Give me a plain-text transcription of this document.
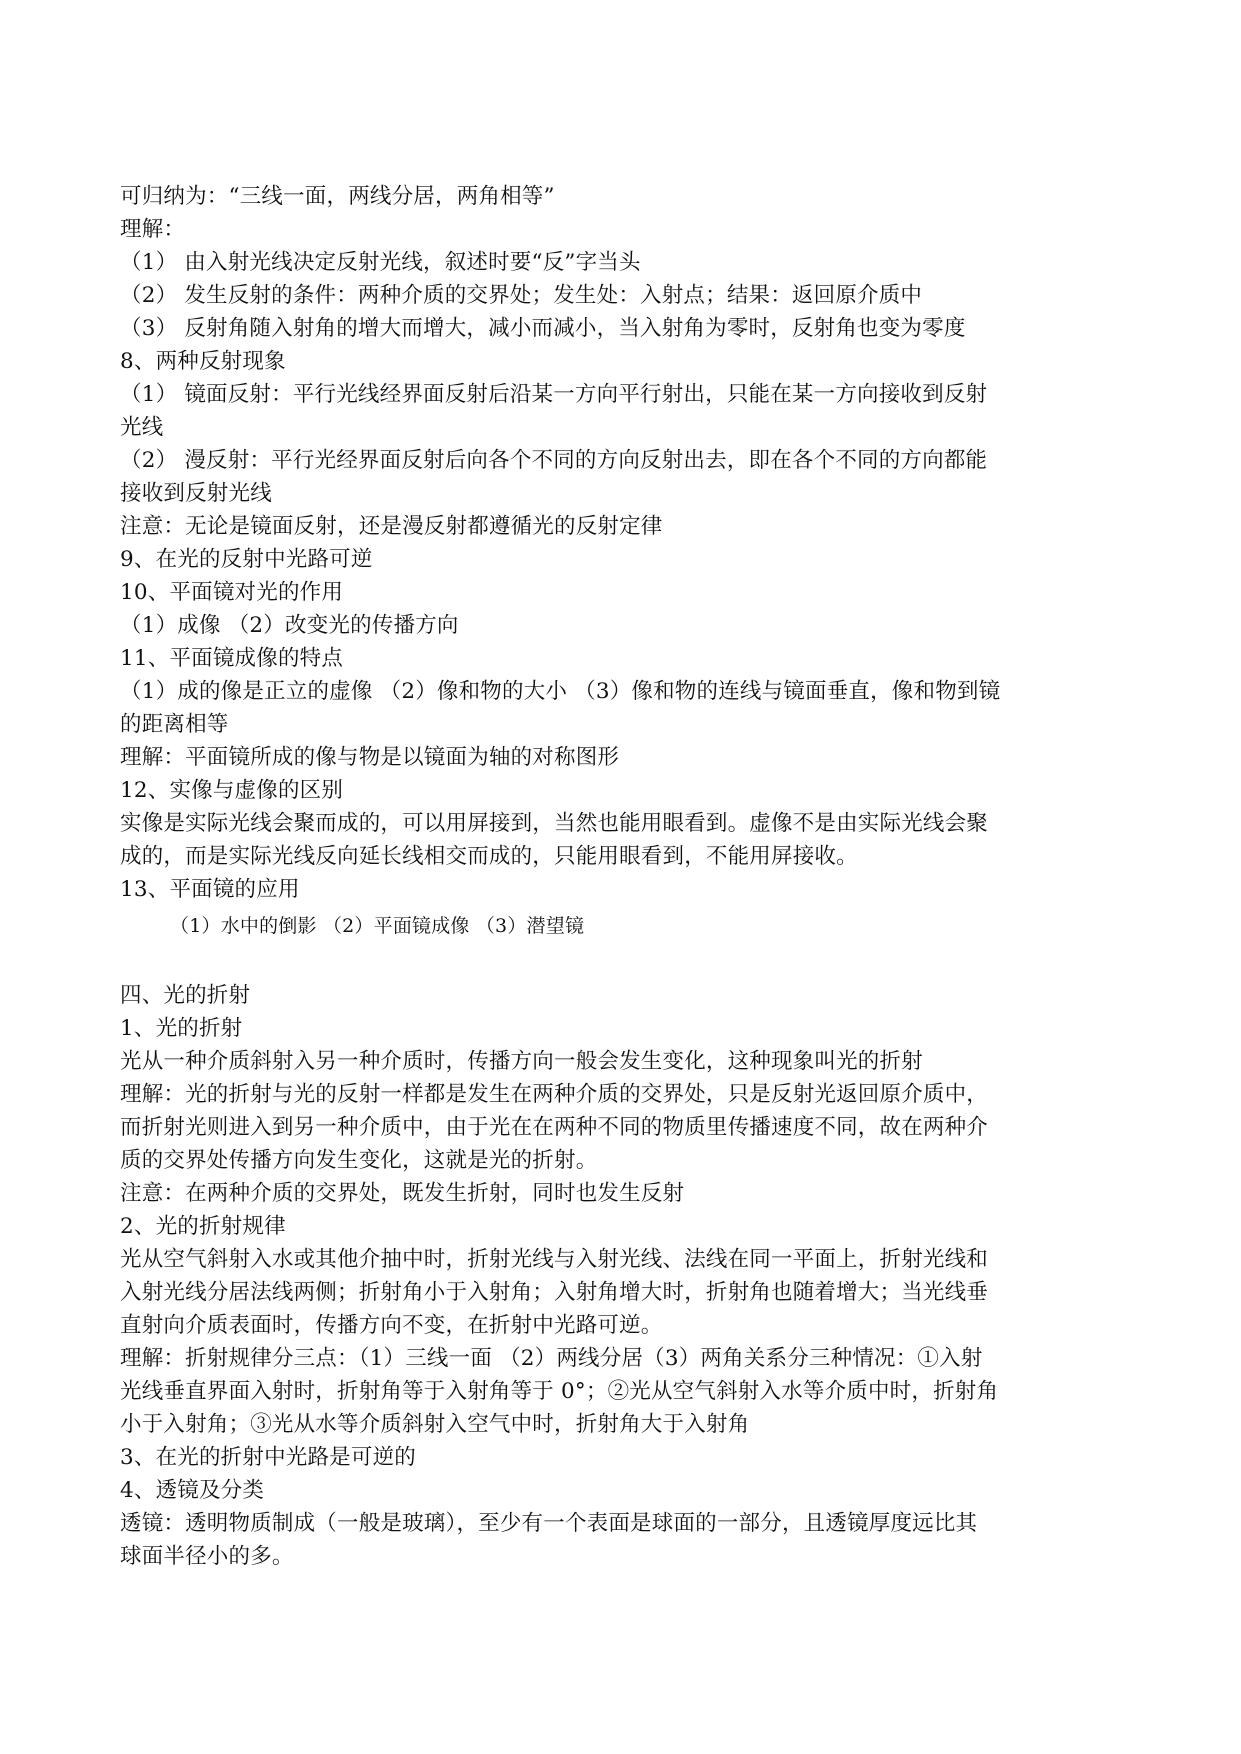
可归纳为：“三线一面，两线分居，两角相等”
理解：
（1） 由入射光线决定反射光线，叙述时要“反”字当头
（2） 发生反射的条件：两种介质的交界处；发生处：入射点；结果：返回原介质中
（3） 反射角随入射角的增大而增大，减小而减小，当入射角为零时，反射角也变为零度
8、两种反射现象
（1） 镜面反射：平行光线经界面反射后沿某一方向平行射出，只能在某一方向接收到反射
光线
（2） 漫反射：平行光经界面反射后向各个不同的方向反射出去，即在各个不同的方向都能
接收到反射光线
注意：无论是镜面反射，还是漫反射都遵循光的反射定律
9、在光的反射中光路可逆
10、平面镜对光的作用
（1）成像 （2）改变光的传播方向
11、平面镜成像的特点
（1）成的像是正立的虚像 （2）像和物的大小 （3）像和物的连线与镜面垂直，像和物到镜
的距离相等
理解：平面镜所成的像与物是以镜面为轴的对称图形
12、实像与虚像的区别
实像是实际光线会聚而成的，可以用屏接到，当然也能用眼看到。虚像不是由实际光线会聚
成的，而是实际光线反向延长线相交而成的，只能用眼看到，不能用屏接收。
13、平面镜的应用
（1）水中的倒影 （2）平面镜成像 （3）潜望镜
四、光的折射
1、光的折射
光从一种介质斜射入另一种介质时，传播方向一般会发生变化，这种现象叫光的折射
理解：光的折射与光的反射一样都是发生在两种介质的交界处，只是反射光返回原介质中，
而折射光则进入到另一种介质中，由于光在在两种不同的物质里传播速度不同，故在两种介
质的交界处传播方向发生变化，这就是光的折射。
注意：在两种介质的交界处，既发生折射，同时也发生反射
2、光的折射规律
光从空气斜射入水或其他介抽中时，折射光线与入射光线、法线在同一平面上，折射光线和
入射光线分居法线两侧；折射角小于入射角；入射角增大时，折射角也随着增大；当光线垂
直射向介质表面时，传播方向不变，在折射中光路可逆。
理解：折射规律分三点：（1）三线一面 （2）两线分居（3）两角关系分三种情况：①入射
光线垂直界面入射时，折射角等于入射角等于 0°；②光从空气斜射入水等介质中时，折射角
小于入射角；③光从水等介质斜射入空气中时，折射角大于入射角
3、在光的折射中光路是可逆的
4、透镜及分类
透镜：透明物质制成（一般是玻璃），至少有一个表面是球面的一部分，且透镜厚度远比其
球面半径小的多。
